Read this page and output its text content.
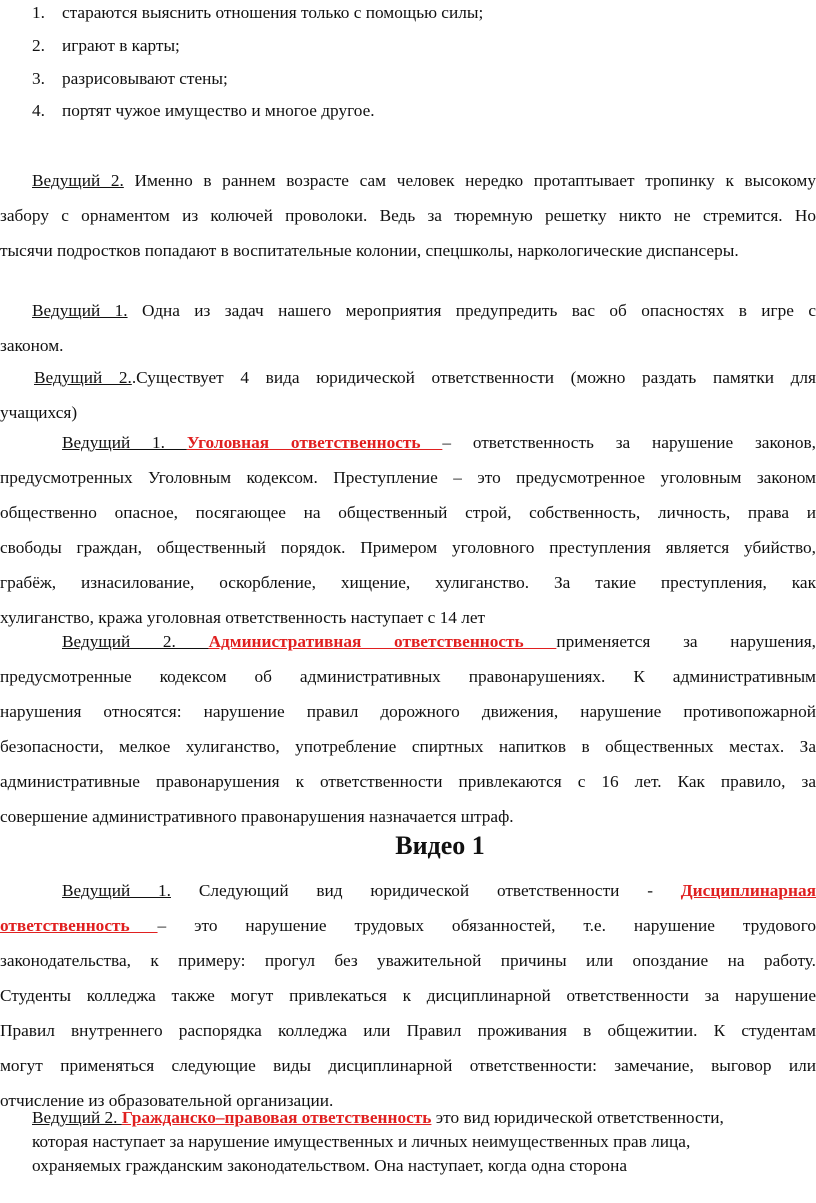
1. стараются выяснить отношения только с помощью силы;
2. играют в карты;
3. разрисовывают стены;
4. портят чужое имущество и многое другое.
Ведущий 2. Именно в раннем возрасте сам человек нередко протаптывает тропинку к высокому
забору с орнаментом из колючей проволоки. Ведь за тюремную решетку никто не стремится. Но
тысячи подростков попадают в воспитательные колонии, спецшколы, наркологические диспансеры.
Ведущий 1. Одна из задач нашего мероприятия предупредить вас об опасностях в игре с
законом.
Ведущий 2..Существует 4 вида юридической ответственности (можно раздать памятки для
учащихся)
Ведущий 1. Уголовная ответственность – ответственность за нарушение законов,
предусмотренных Уголовным кодексом. Преступление – это предусмотренное уголовным законом
общественно опасное, посягающее на общественный строй, собственность, личность, права и
свободы граждан, общественный порядок. Примером уголовного преступления является убийство,
грабёж, изнасилование, оскорбление, хищение, хулиганство. За такие преступления, как
хулиганство, кража уголовная ответственность наступает с 14 лет
Ведущий 2. Административная ответственность применяется за нарушения,
предусмотренные кодексом об административных правонарушениях. К административным
нарушения относятся: нарушение правил дорожного движения, нарушение противопожарной
безопасности, мелкое хулиганство, употребление спиртных напитков в общественных местах. За
административные правонарушения к ответственности привлекаются с 16 лет. Как правило, за
совершение административного правонарушения назначается штраф.
Видео 1
Ведущий 1. Следующий вид юридической ответственности - Дисциплинарная
ответственность – это нарушение трудовых обязанностей, т.е. нарушение трудового
законодательства, к примеру: прогул без уважительной причины или опоздание на работу.
Студенты колледжа также могут привлекаться к дисциплинарной ответственности за нарушение
Правил внутреннего распорядка колледжа или Правил проживания в общежитии. К студентам
могут применяться следующие виды дисциплинарной ответственности: замечание, выговор или
отчисление из образовательной организации.
Ведущий 2. Гражданско–правовая ответственность это вид юридической ответственности,
которая наступает за нарушение имущественных и личных неимущественных прав лица,
охраняемых гражданским законодательством. Она наступает, когда одна сторона
